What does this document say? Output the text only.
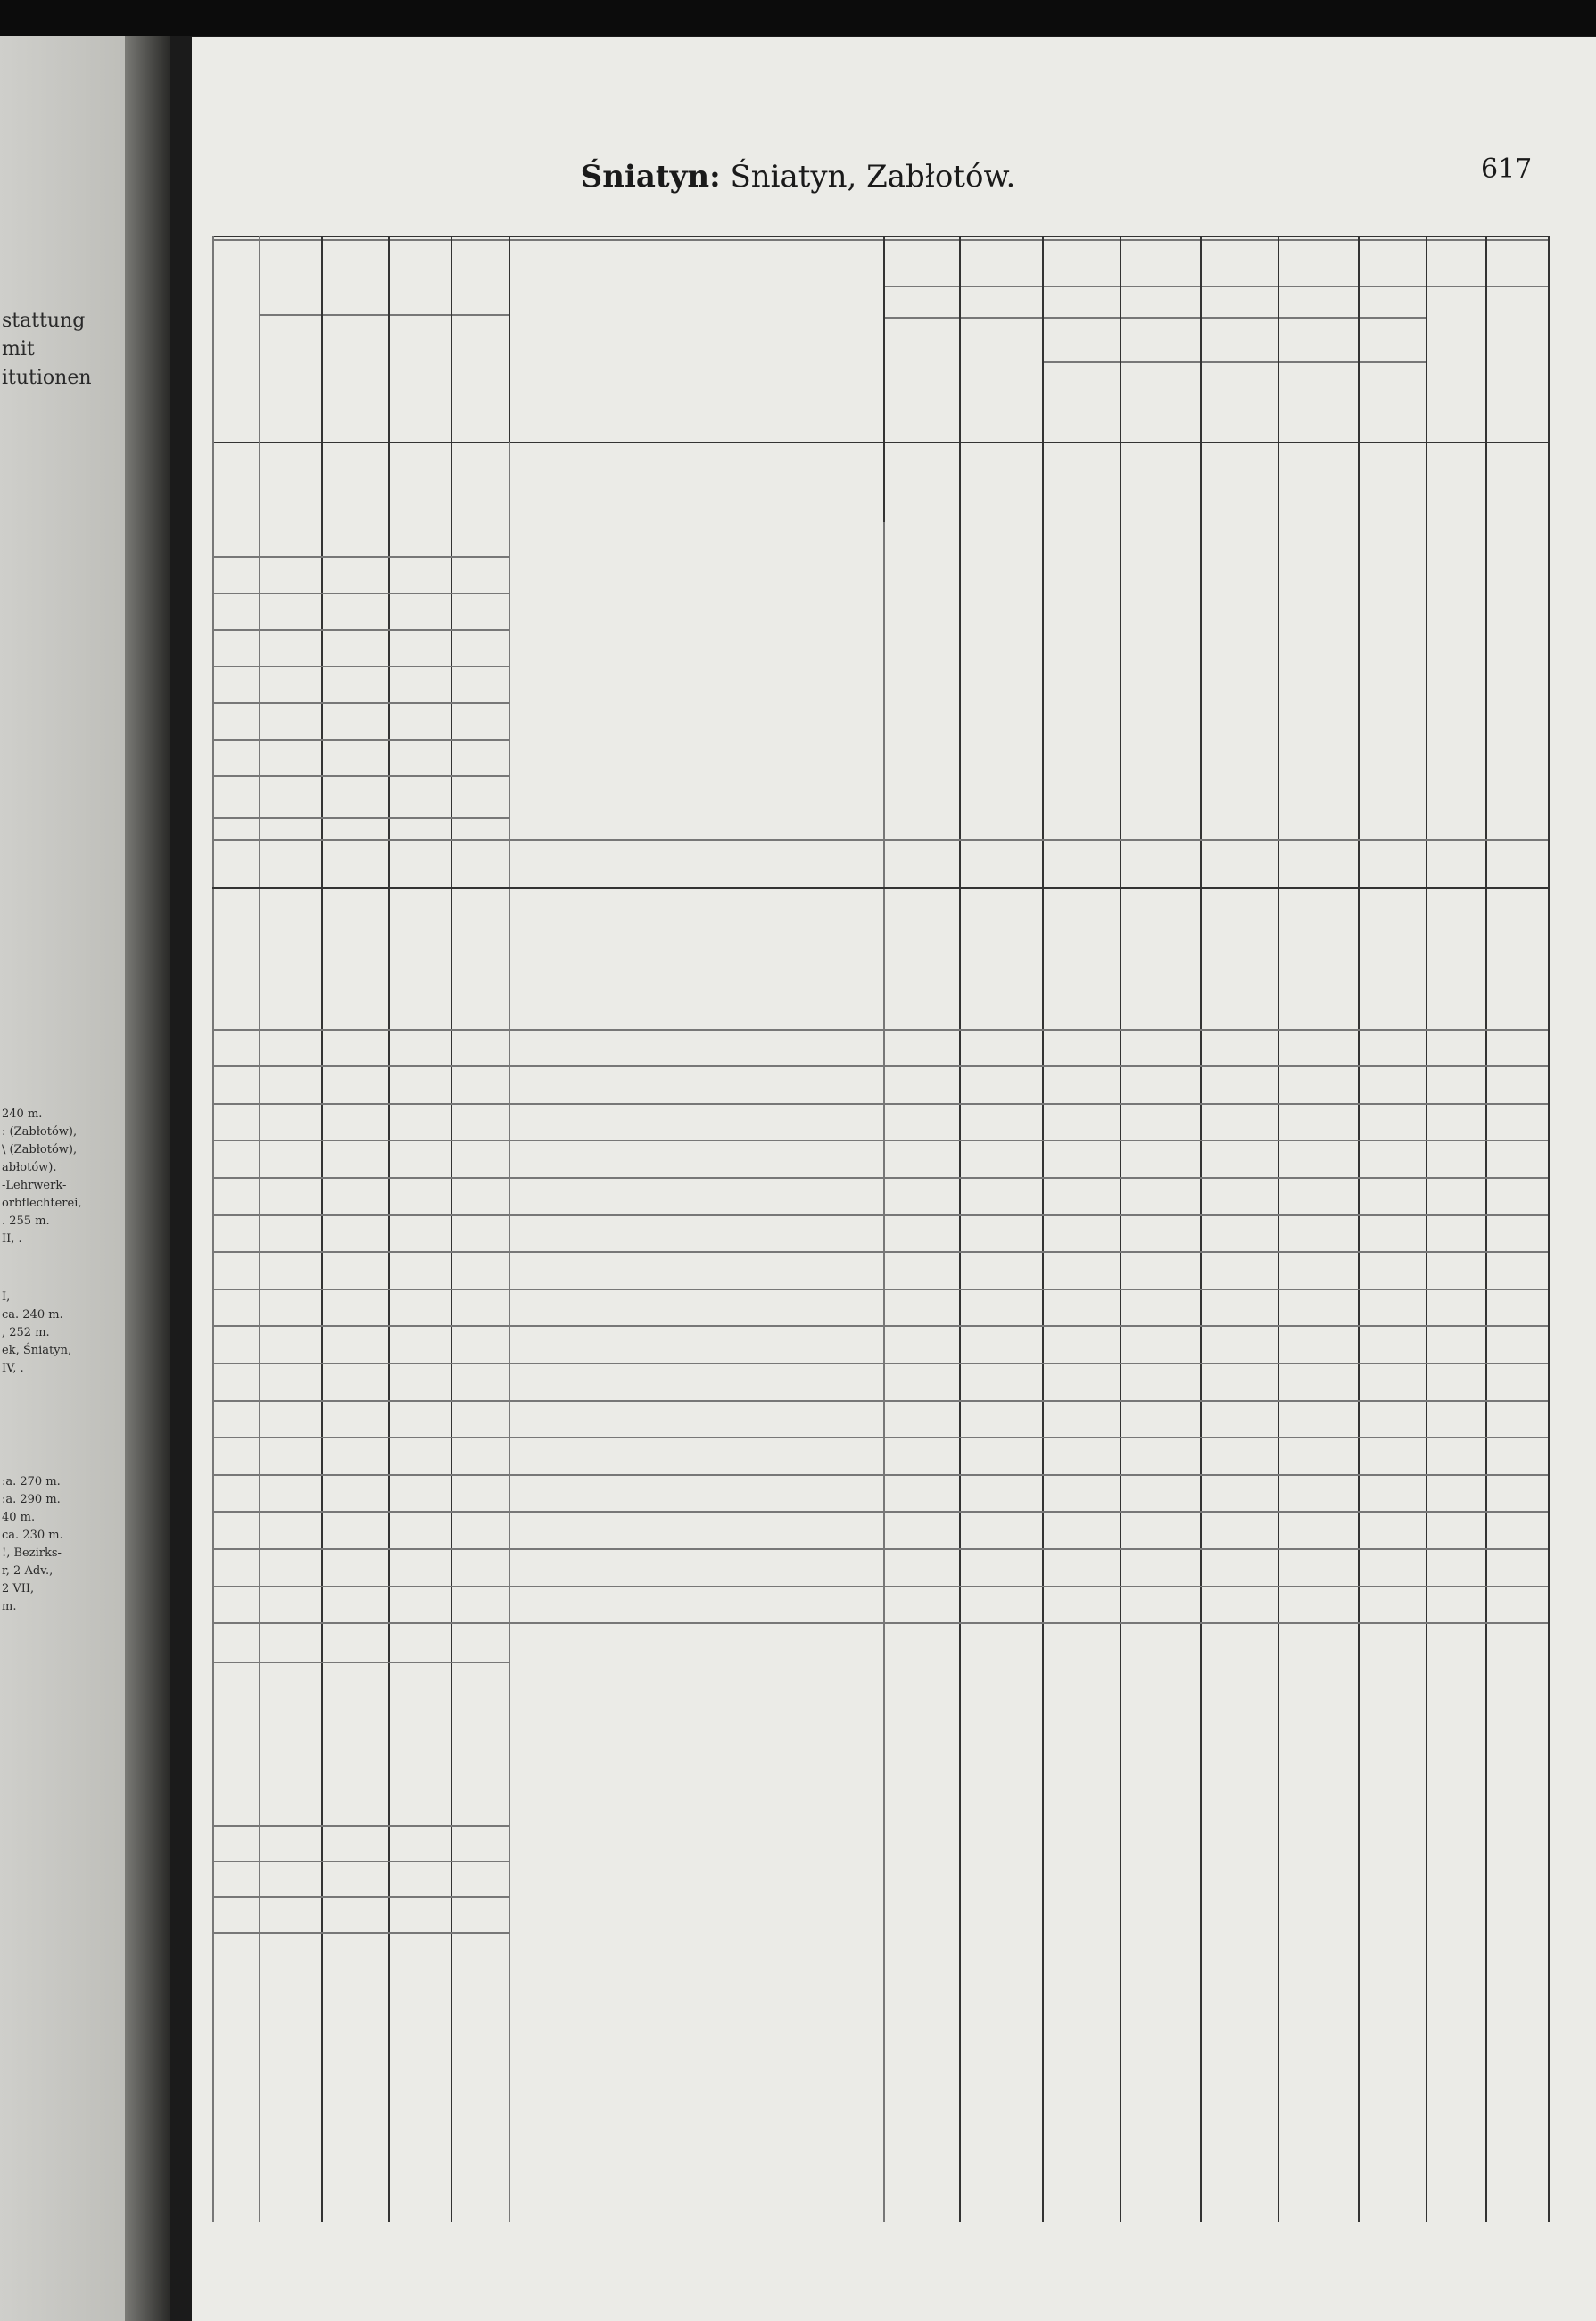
stattung
mit
itutionen
240 m.
: (Zabłotów),
\ (Zabłotów),
abłotów).
-Lehrwerk-
orbflechterei,
. 255 m.
II, .
I,
ca. 240 m.
, 252 m.
ek, Śniatyn,
IV, .
:a. 270 m.
:a. 290 m.
40 m.
ca. 230 m.
!, Bezirks-
r, 2 Adv.,
2 VII,
m.
Śniatyn: Śniatyn, Zabłotów.	617
